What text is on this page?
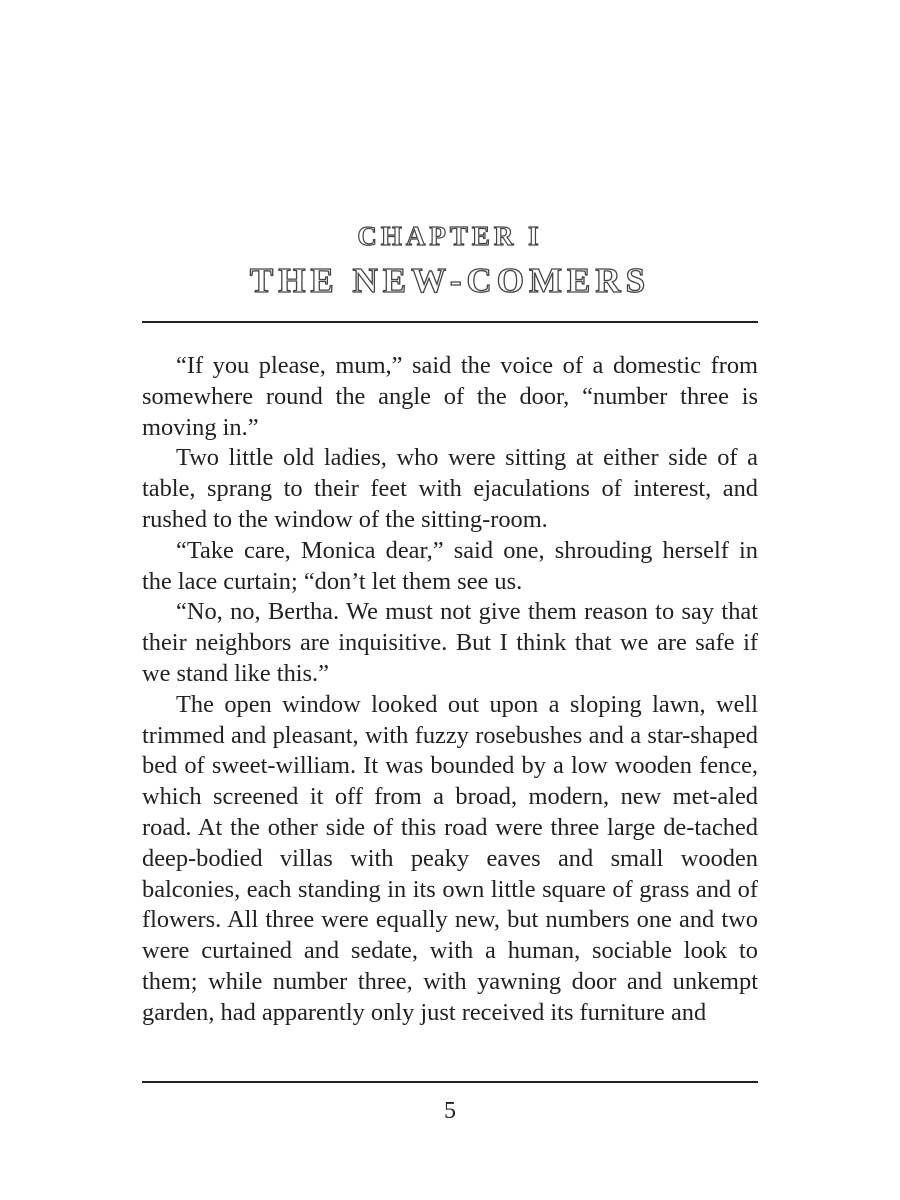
CHAPTER I
THE NEW-COMERS

“If you please, mum,” said the voice of a domestic from somewhere round the angle of the door, “number three is moving in.”

Two little old ladies, who were sitting at either side of a table, sprang to their feet with ejaculations of interest, and rushed to the window of the sitting-room.

“Take care, Monica dear,” said one, shrouding herself in the lace curtain; “don’t let them see us.

“No, no, Bertha. We must not give them reason to say that their neighbors are inquisitive. But I think that we are safe if we stand like this.”

The open window looked out upon a sloping lawn, well trimmed and pleasant, with fuzzy rosebushes and a star-shaped bed of sweet-william. It was bounded by a low wooden fence, which screened it off from a broad, modern, new met-aled road. At the other side of this road were three large de-tached deep-bodied villas with peaky eaves and small wooden balconies, each standing in its own little square of grass and of flowers. All three were equally new, but numbers one and two were curtained and sedate, with a human, sociable look to them; while number three, with yawning door and unkempt garden, had apparently only just received its furniture and

5
